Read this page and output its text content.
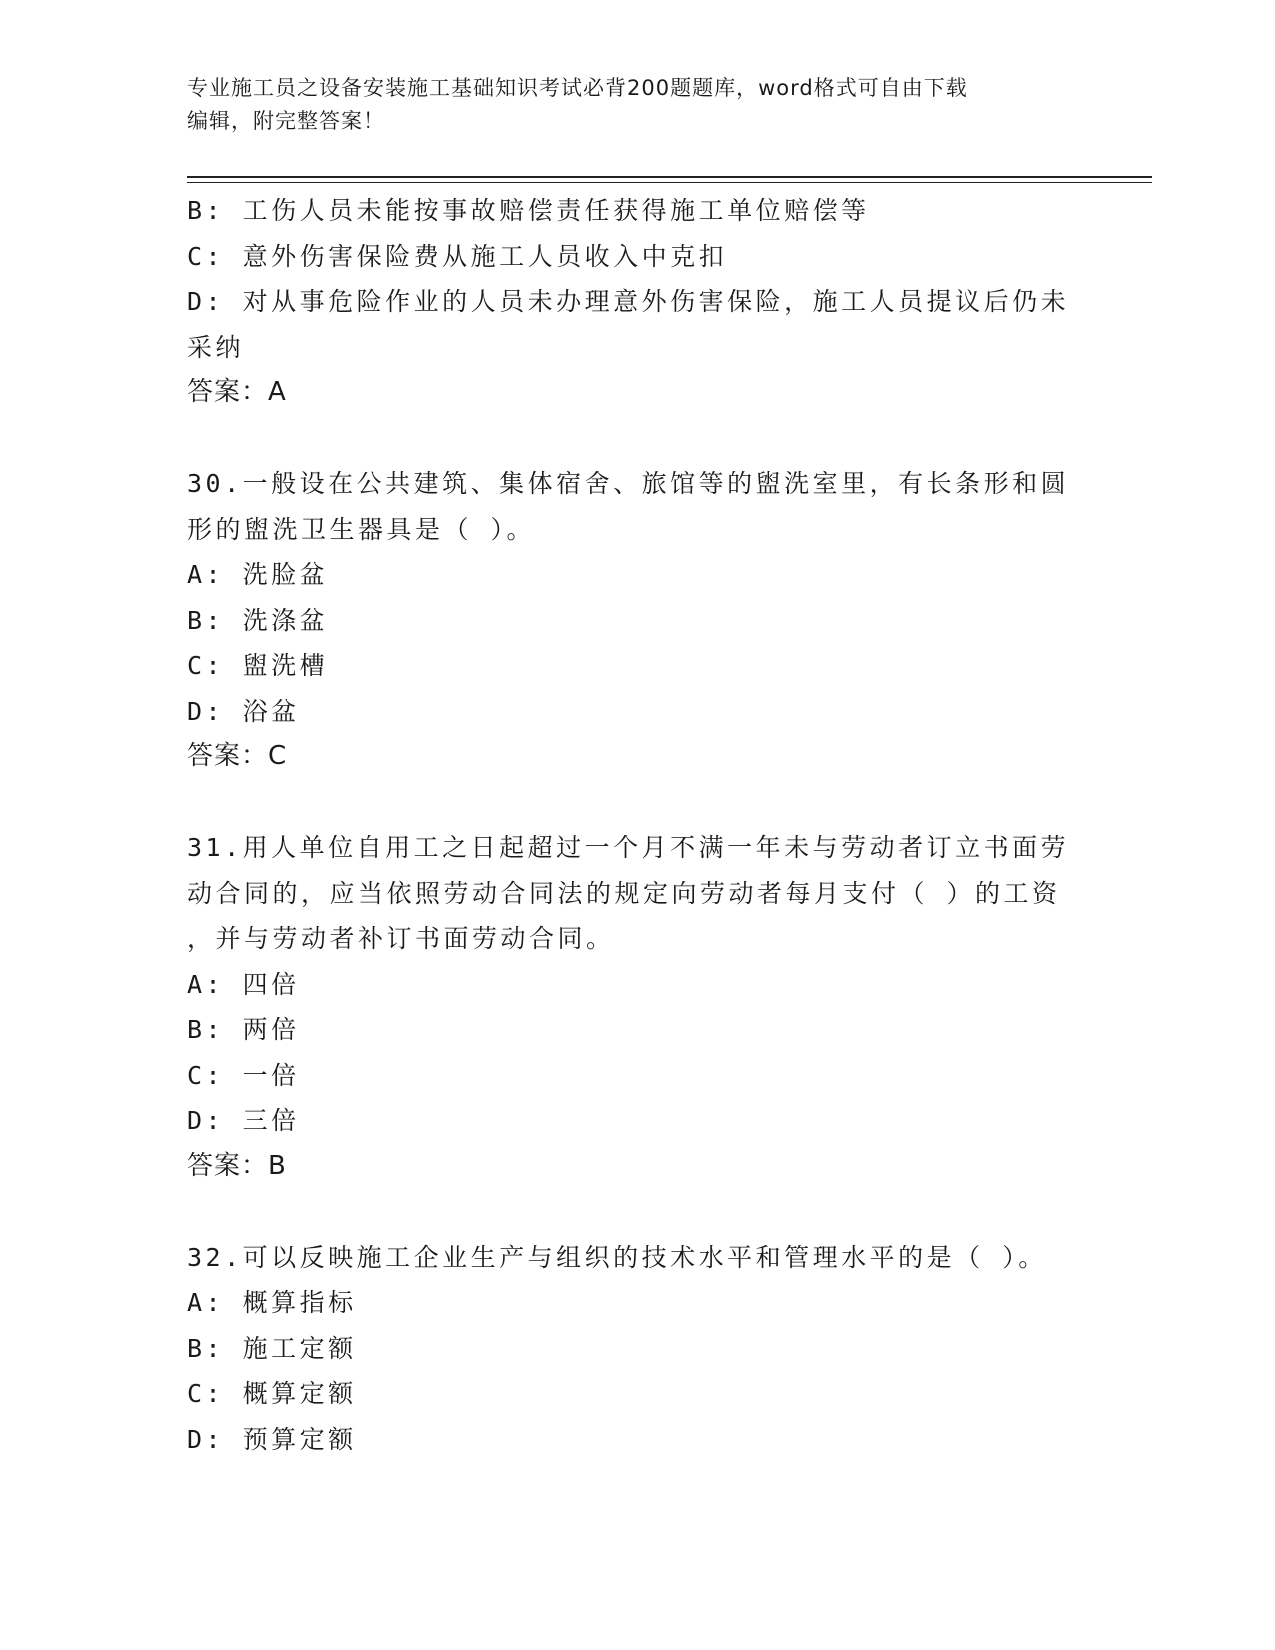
专业施工员之设备安装施工基础知识考试必背200题题库，word格式可自由下载
编辑，附完整答案！
B: 工伤人员未能按事故赔偿责任获得施工单位赔偿等
C: 意外伤害保险费从施工人员收入中克扣
D: 对从事危险作业的人员未办理意外伤害保险，施工人员提议后仍未
采纳
答案：A
30.一般设在公共建筑、集体宿舍、旅馆等的盥洗室里，有长条形和圆
形的盥洗卫生器具是（ ）。
A: 洗脸盆
B: 洗涤盆
C: 盥洗槽
D: 浴盆
答案：C
31.用人单位自用工之日起超过一个月不满一年未与劳动者订立书面劳
动合同的，应当依照劳动合同法的规定向劳动者每月支付（ ）的工资
，并与劳动者补订书面劳动合同。
A: 四倍
B: 两倍
C: 一倍
D: 三倍
答案：B
32.可以反映施工企业生产与组织的技术水平和管理水平的是（ ）。
A: 概算指标
B: 施工定额
C: 概算定额
D: 预算定额
